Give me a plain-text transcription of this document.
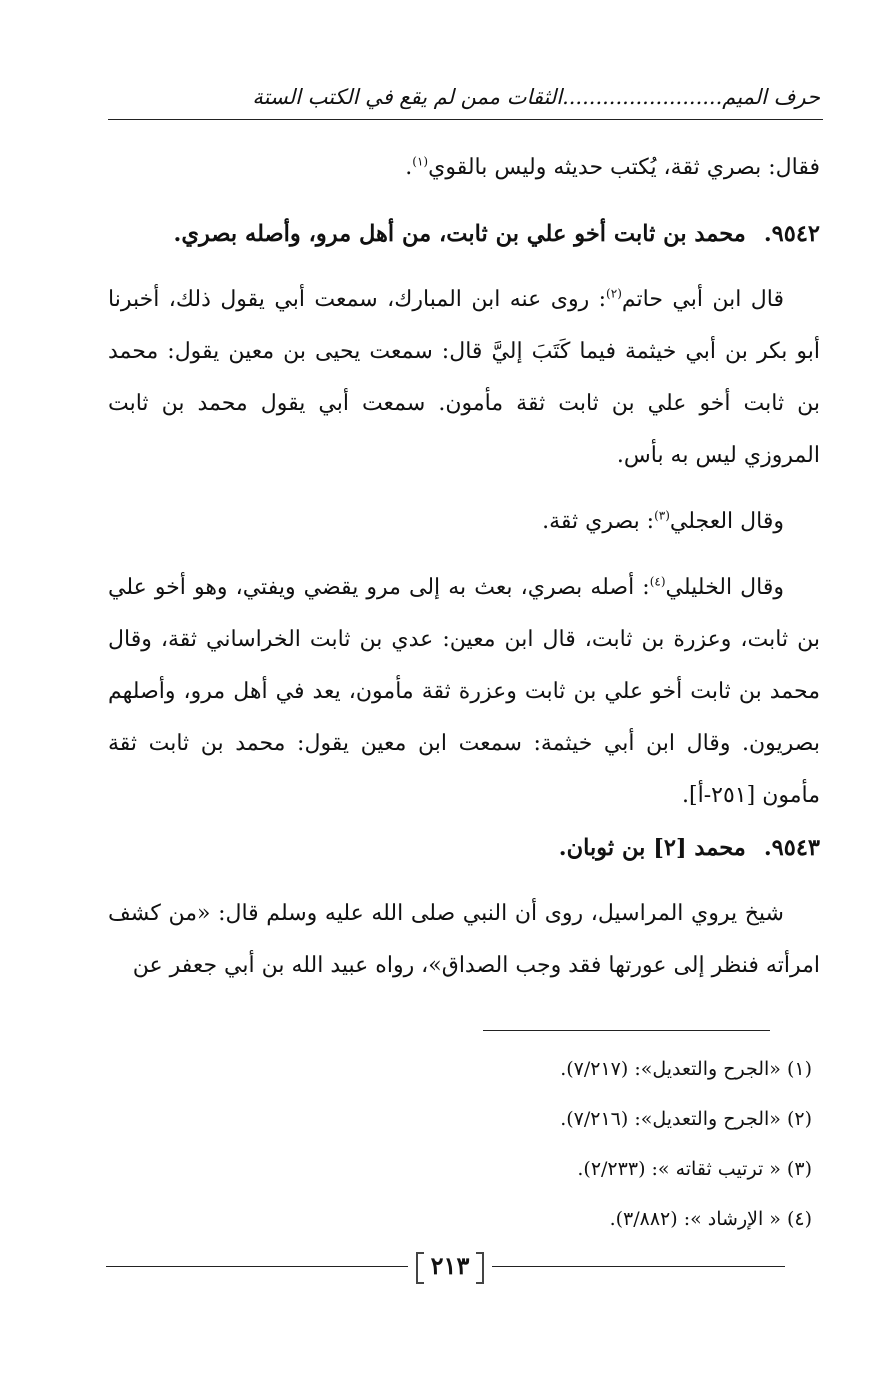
حرف الميم........................الثقات ممن لم يقع في الكتب الستة

فقال: بصري ثقة، يُكتب حديثه وليس بالقوي$^{(١)}$.

٩٥٤٢.محمد بن ثابت أخو علي بن ثابت، من أهل مرو، وأصله بصري.

قال ابن أبي حاتم$^{(٢)}$: روى عنه ابن المبارك، سمعت أبي يقول ذلك، أخبرنا أبو بكر بن أبي خيثمة فيما كَتَبَ إليَّ قال: سمعت يحيى بن معين يقول: محمد بن ثابت أخو علي بن ثابت ثقة مأمون. سمعت أبي يقول محمد بن ثابت المروزي ليس به بأس.

وقال العجلي$^{(٣)}$: بصري ثقة.

وقال الخليلي$^{(٤)}$: أصله بصري، بعث به إلى مرو يقضي ويفتي، وهو أخو علي بن ثابت، وعزرة بن ثابت، قال ابن معين: عدي بن ثابت الخراساني ثقة، وقال محمد بن ثابت أخو علي بن ثابت وعزرة ثقة مأمون، يعد في أهل مرو، وأصلهم بصريون. وقال ابن أبي خيثمة: سمعت ابن معين يقول: محمد بن ثابت ثقة مأمون [٢٥١-أ].

٩٥٤٣.محمد [٢] بن ثوبان.

شيخ يروي المراسيل، روى أن النبي صلى الله عليه وسلم قال: «من كشف امرأته فنظر إلى عورتها فقد وجب الصداق»، رواه عبيد الله بن أبي جعفر عن

(١) «الجرح والتعديل»: (٧/٢١٧).
(٢) «الجرح والتعديل»: (٧/٢١٦).
(٣) « ترتيب ثقاته »: (٢/٢٣٣).
(٤) « الإرشاد »: (٣/٨٨٢).
٢١٣
